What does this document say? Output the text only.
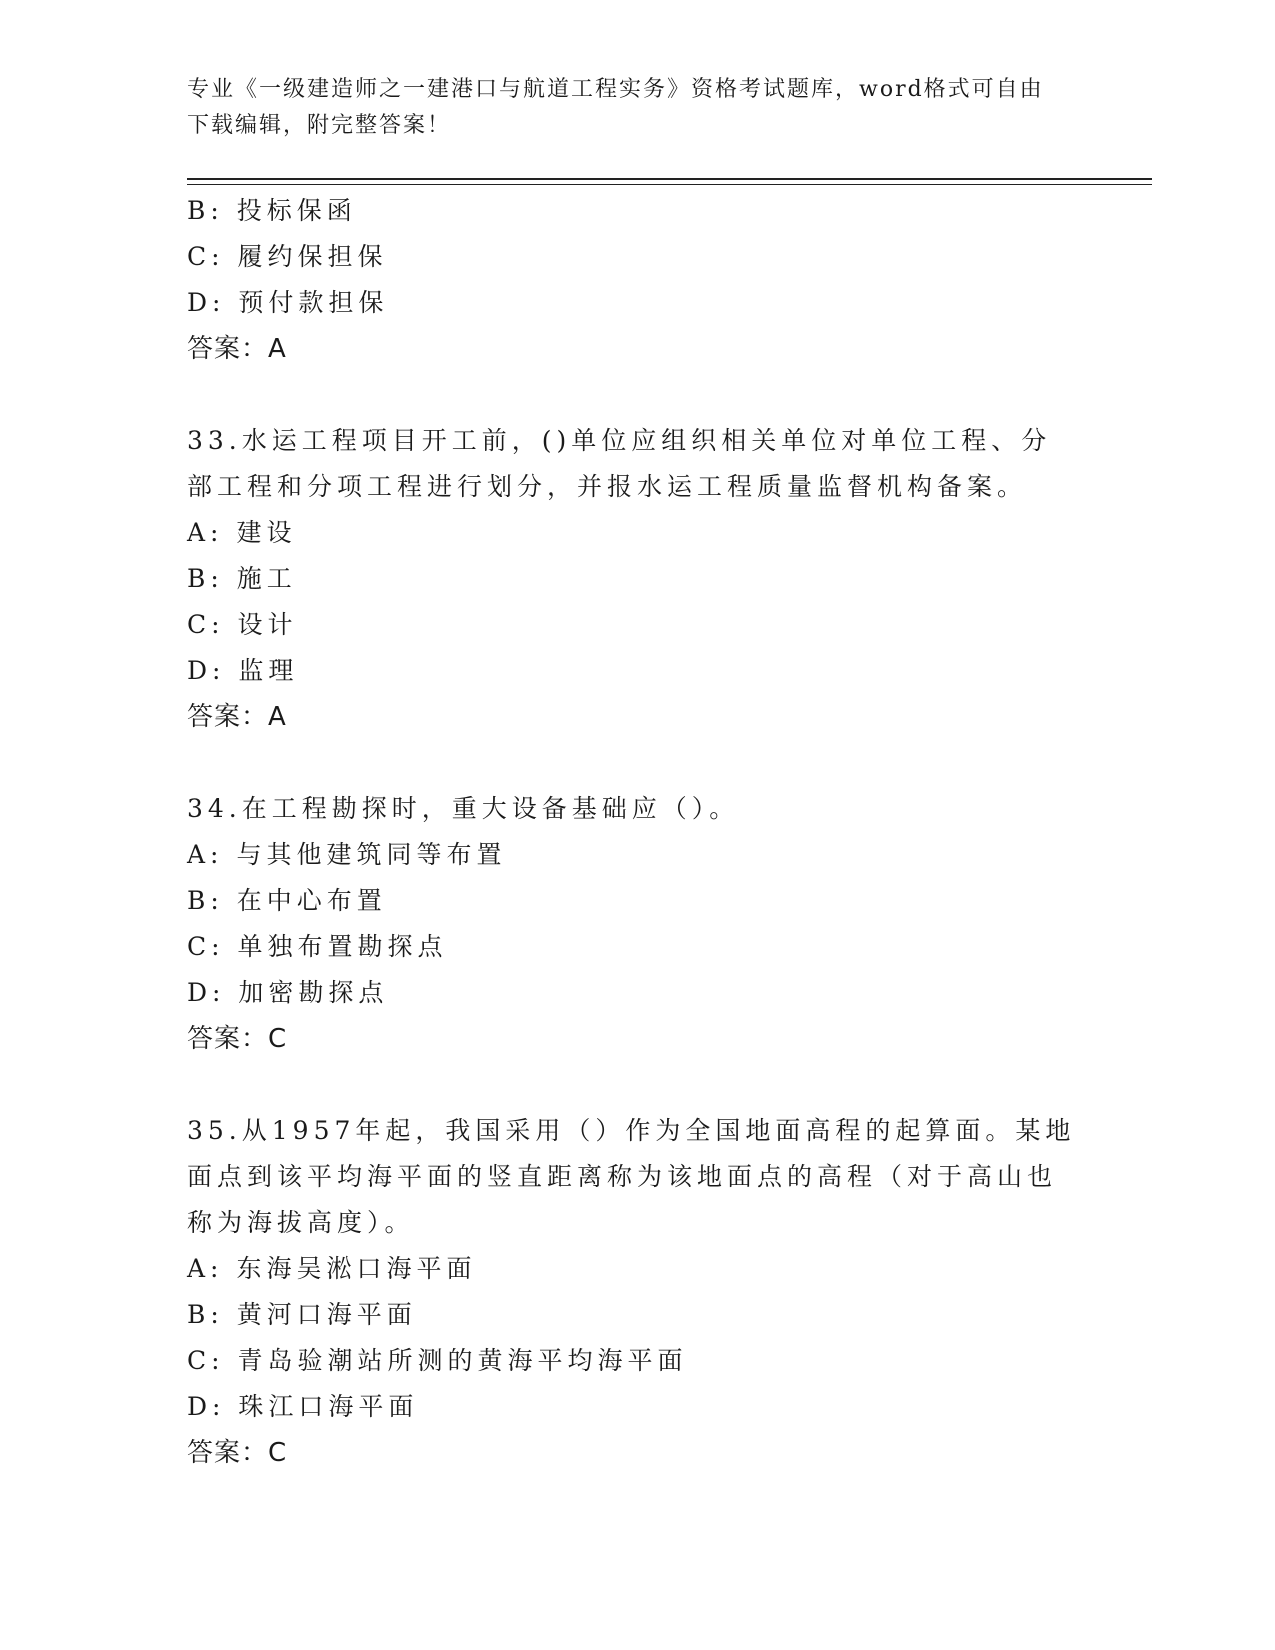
专业《一级建造师之一建港口与航道工程实务》资格考试题库，word格式可自由下载编辑，附完整答案！
B: 投标保函
C: 履约保担保
D: 预付款担保
答案：A
33.水运工程项目开工前，()单位应组织相关单位对单位工程、分部工程和分项工程进行划分，并报水运工程质量监督机构备案。
A: 建设
B: 施工
C: 设计
D: 监理
答案：A
34.在工程勘探时，重大设备基础应（）。
A: 与其他建筑同等布置
B: 在中心布置
C: 单独布置勘探点
D: 加密勘探点
答案：C
35.从1957年起，我国采用（）作为全国地面高程的起算面。某地面点到该平均海平面的竖直距离称为该地面点的高程（对于高山也称为海拔高度）。
A: 东海吴淞口海平面
B: 黄河口海平面
C: 青岛验潮站所测的黄海平均海平面
D: 珠江口海平面
答案：C
